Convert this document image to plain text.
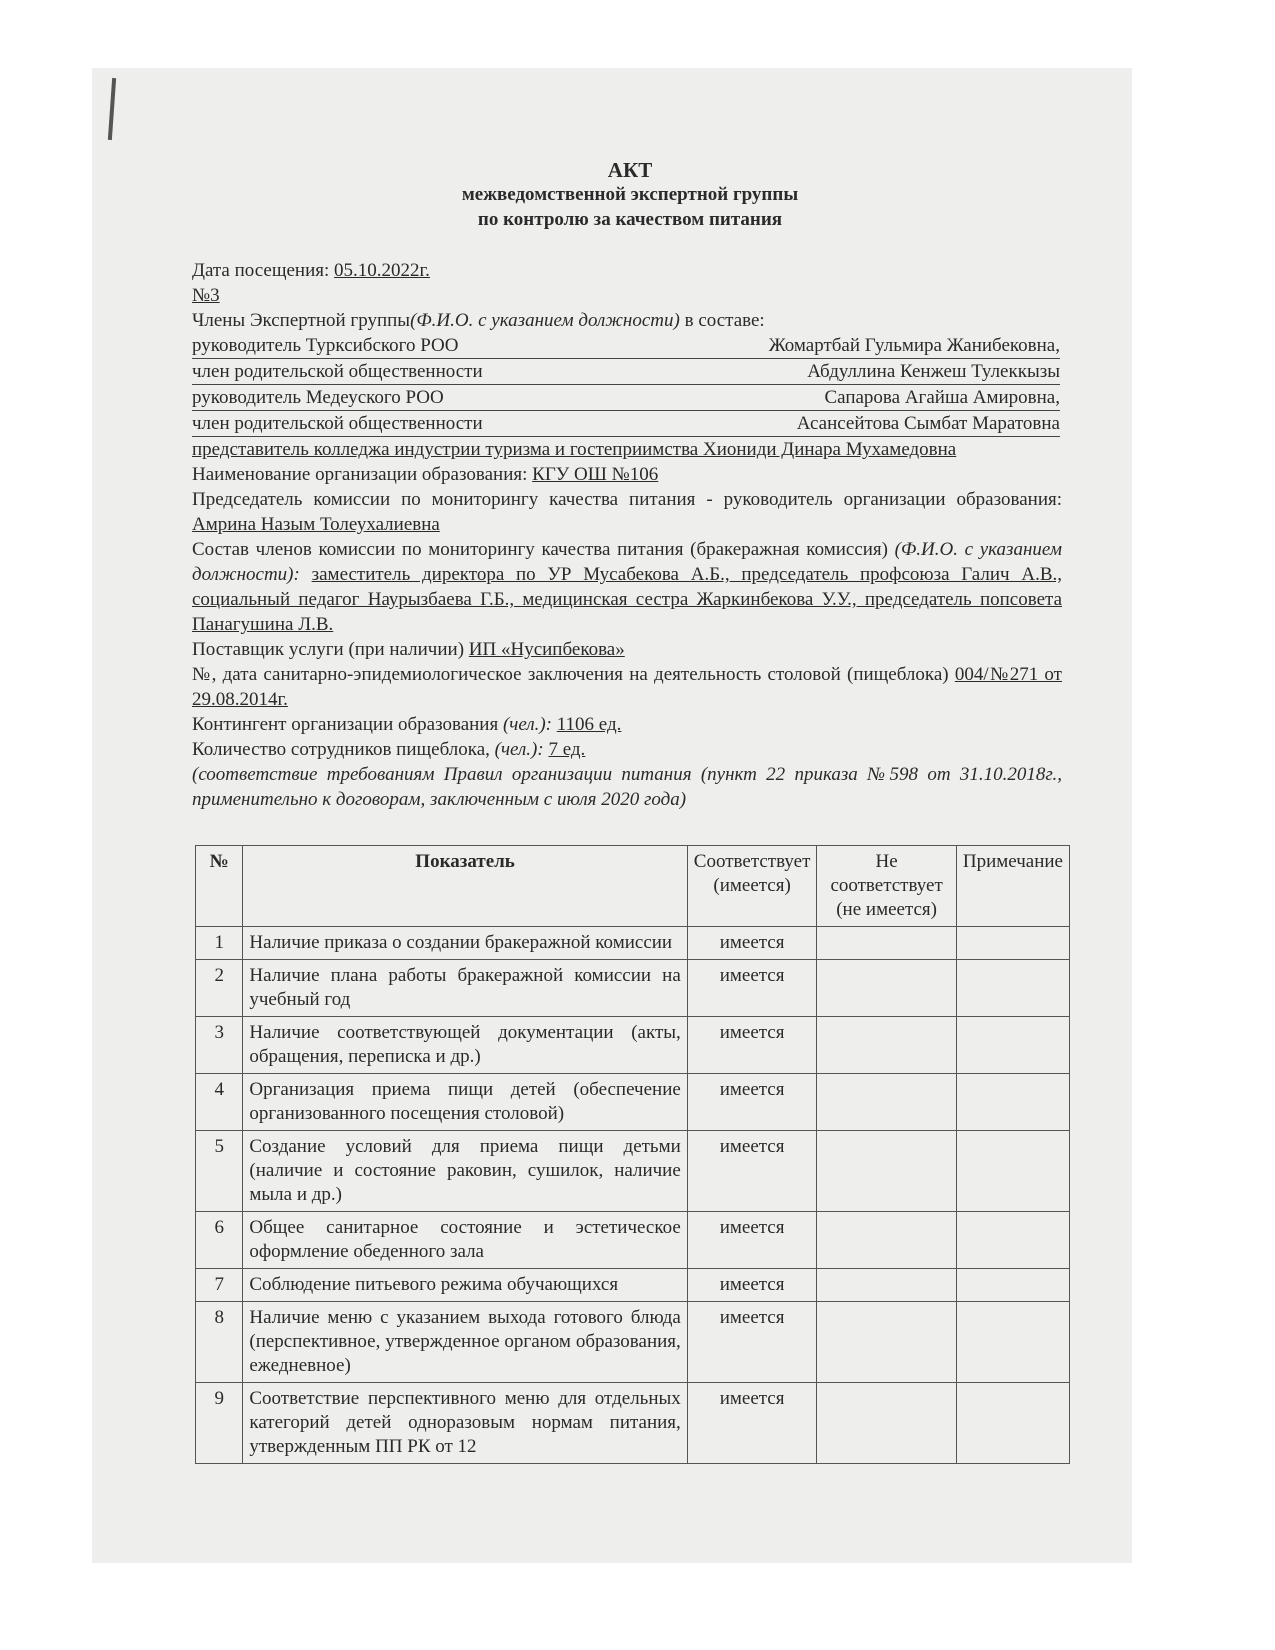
АКТ
межведомственной экспертной группы
по контролю за качеством питания
Дата посещения: 05.10.2022г.
№3
Члены Экспертной группы(Ф.И.О. с указанием должности) в составе:
руководитель Турксибского РОО	Жомартбай Гульмира Жанибековна,
член родительской общественности	Абдуллина Кенжеш Тулеккызы
руководитель Медеуского РОО	Сапарова Агайша Амировна,
член родительской общественности	Асансейтова Сымбат Маратовна
представитель колледжа индустрии туризма и гостеприимства Хиониди Динара Мухамедовна
Наименование организации образования: КГУ ОШ №106
Председатель комиссии по мониторингу качества питания - руководитель организации образования: Амрина Назым Толеухалиевна
Состав членов комиссии по мониторингу качества питания (бракеражная комиссия) (Ф.И.О. с указанием должности): заместитель директора по УР Мусабекова А.Б., председатель профсоюза Галич А.В., социальный педагог Наурызбаева Г.Б., медицинская сестра Жаркинбекова У.У., председатель попсовета Панагушина Л.В.
Поставщик услуги (при наличии) ИП «Нусипбекова»
№, дата санитарно-эпидемиологическое заключения на деятельность столовой (пищеблока) 004/№271 от 29.08.2014г.
Контингент организации образования (чел.): 1106 ед.
Количество сотрудников пищеблока, (чел.): 7 ед.
(соответствие требованиям Правил организации питания (пункт 22 приказа №598 от 31.10.2018г., применительно к договорам, заключенным с июля 2020 года)
№	Показатель	Соответствует (имеется)	Не соответствует (не имеется)	Примечание
1	Наличие приказа о создании бракеражной комиссии	имеется		
2	Наличие плана работы бракеражной комиссии на учебный год	имеется		
3	Наличие соответствующей документации (акты, обращения, переписка и др.)	имеется		
4	Организация приема пищи детей (обеспечение организованного посещения столовой)	имеется		
5	Создание условий для приема пищи детьми (наличие и состояние раковин, сушилок, наличие мыла и др.)	имеется		
6	Общее санитарное состояние и эстетическое оформление обеденного зала	имеется		
7	Соблюдение питьевого режима обучающихся	имеется		
8	Наличие меню с указанием выхода готового блюда (перспективное, утвержденное органом образования, ежедневное)	имеется		
9	Соответствие перспективного меню для отдельных категорий детей одноразовым нормам питания, утвержденным ПП РК от 12	имеется		
